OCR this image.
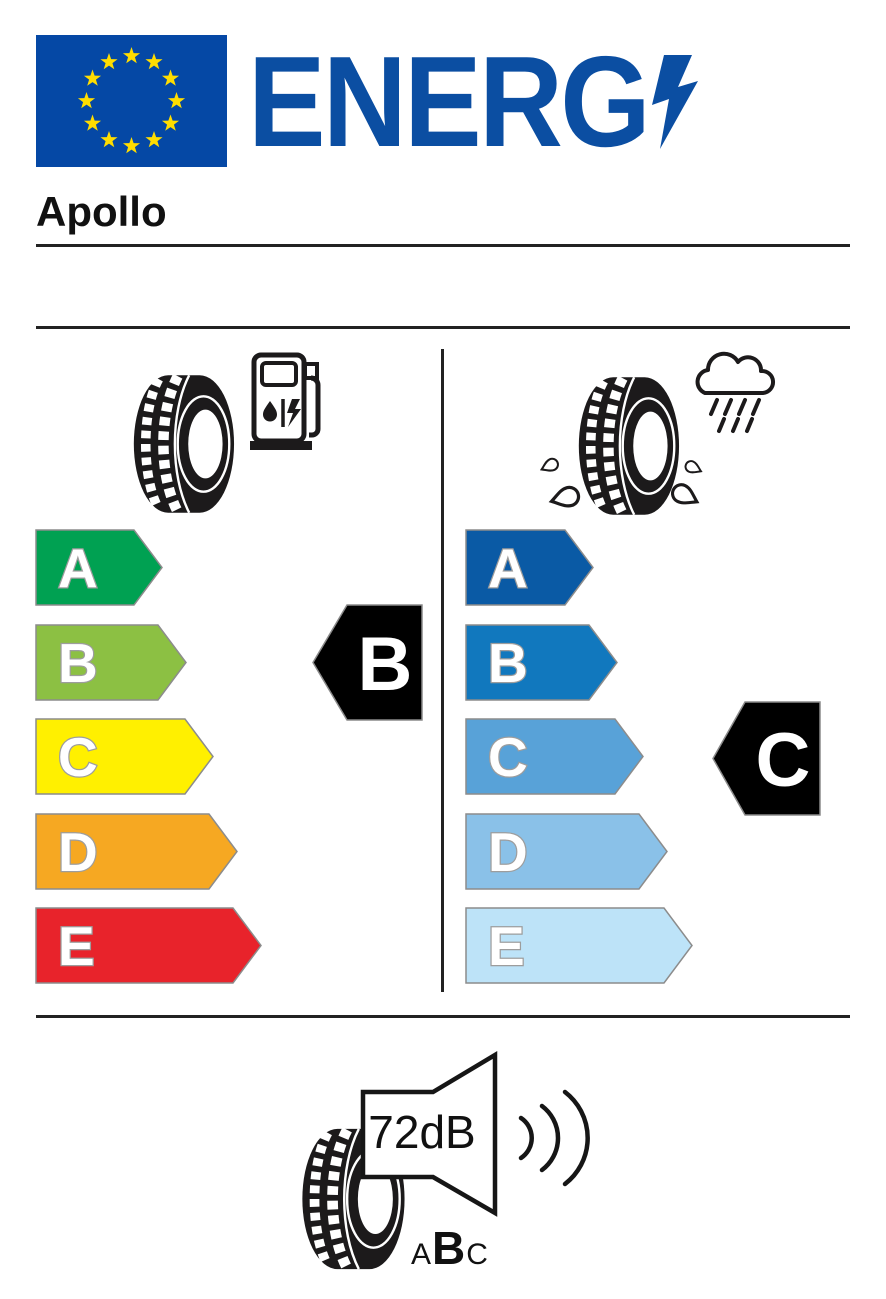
ENERG
Apollo
A
B
C
D
E
B
A
B
C
D
E
C
72dB
ABC
